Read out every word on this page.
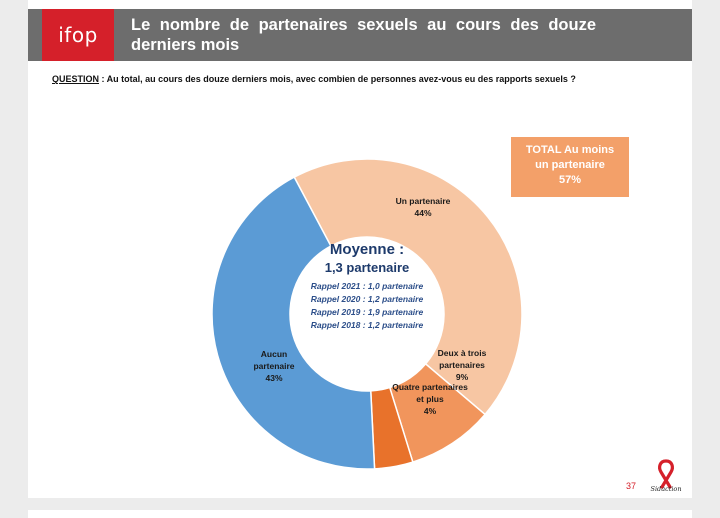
ifop	Le nombre de partenaires sexuels au cours des douze derniers mois
QUESTION : Au total, au cours des douze derniers mois, avec combien de personnes avez-vous eu des rapports sexuels ?
TOTAL Au moins
un partenaire
57%
Un partenaire
44%
Deux à trois
partenaires
9%
Quatre partenaires
et plus
4%
Aucun
partenaire
43%
Moyenne :
1,3 partenaire
Rappel 2021 : 1,0 partenaire
Rappel 2020 : 1,2 partenaire
Rappel 2019 : 1,9 partenaire
Rappel 2018 : 1,2 partenaire
37	Sidaction
